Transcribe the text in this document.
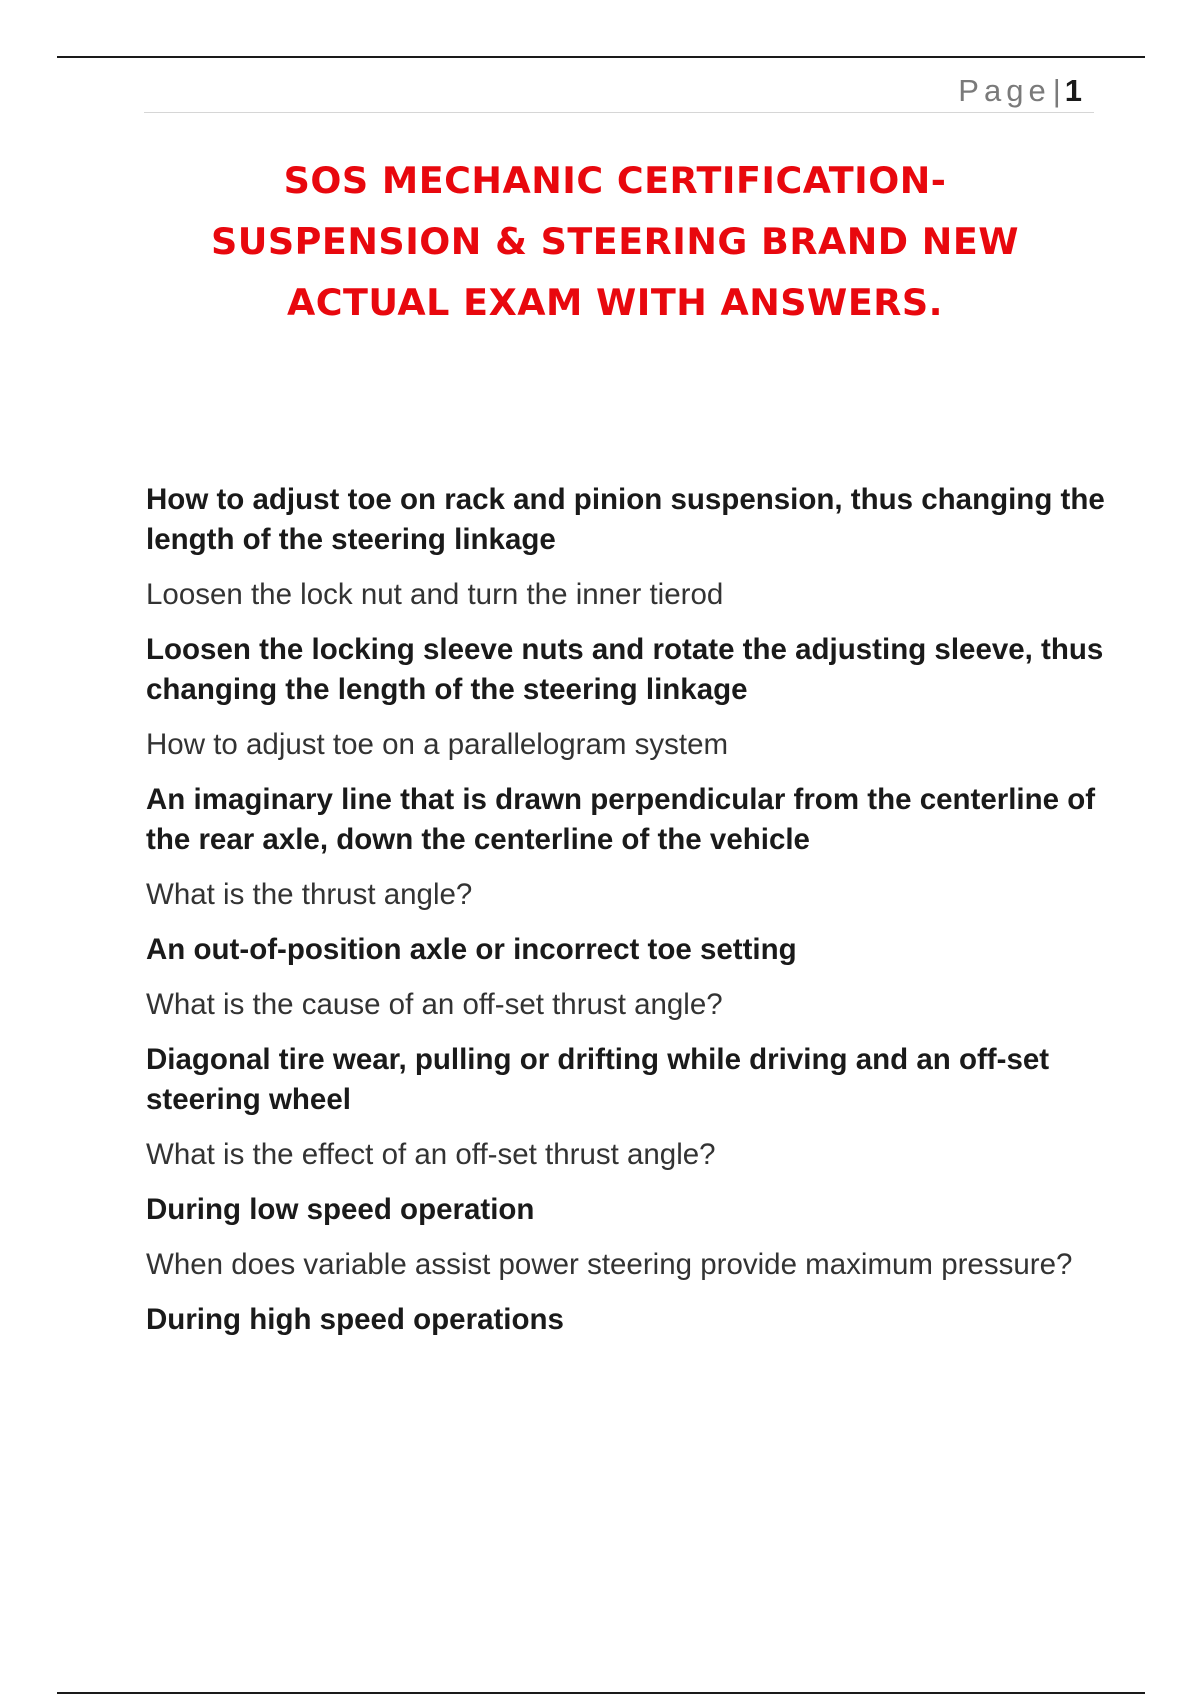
Page| 1
SOS MECHANIC CERTIFICATION-
SUSPENSION & STEERING BRAND NEW
ACTUAL EXAM WITH ANSWERS.

How to adjust toe on rack and pinion suspension, thus changing the length of the steering linkage

Loosen the lock nut and turn the inner tierod

Loosen the locking sleeve nuts and rotate the adjusting sleeve, thus changing the length of the steering linkage

How to adjust toe on a parallelogram system

An imaginary line that is drawn perpendicular from the centerline of the rear axle, down the centerline of the vehicle

What is the thrust angle?

An out-of-position axle or incorrect toe setting

What is the cause of an off-set thrust angle?

Diagonal tire wear, pulling or drifting while driving and an off-set steering wheel

What is the effect of an off-set thrust angle?

During low speed operation

When does variable assist power steering provide maximum pressure?

During high speed operations
